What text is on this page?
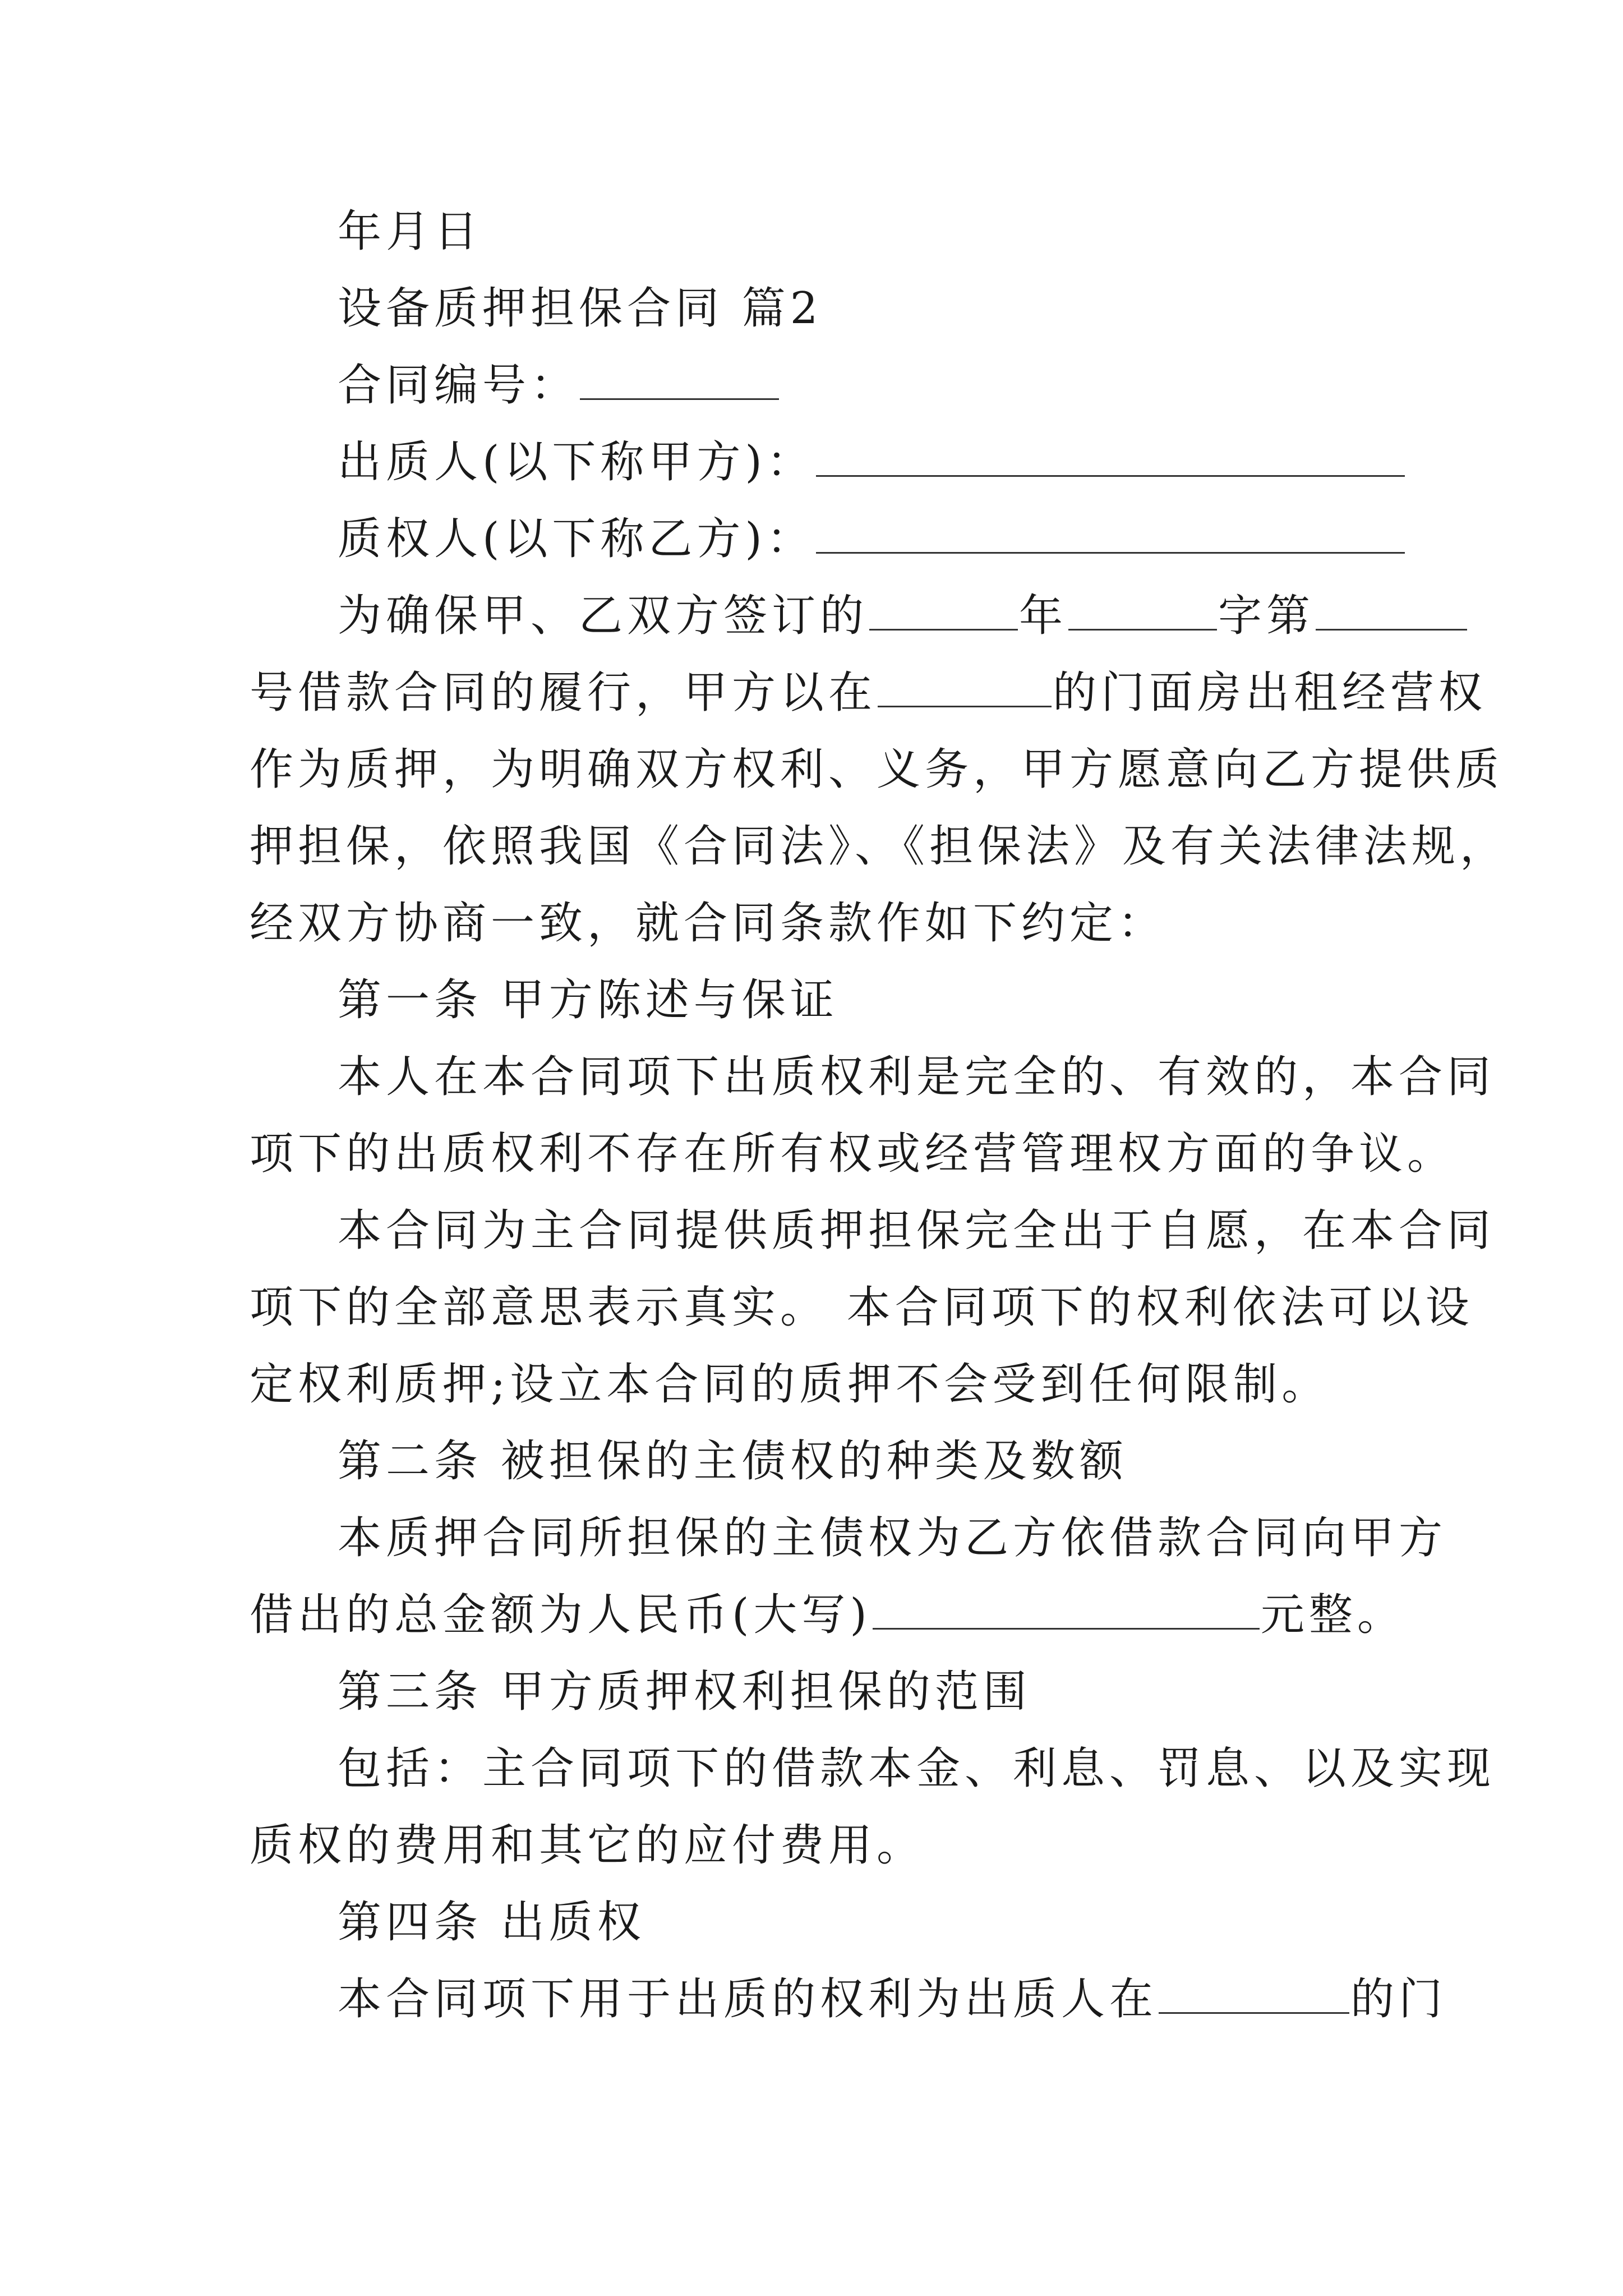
年月日
设备质押担保合同 篇2
合同编号：
出质人(以下称甲方)：
质权人(以下称乙方)：
为确保甲、乙双方签订的	年	字第
号借款合同的履行，甲方以在	的门面房出租经营权
作为质押，为明确双方权利、义务，甲方愿意向乙方提供质
押担保，依照我国《合同法》、《担保法》及有关法律法规，
经双方协商一致，就合同条款作如下约定：
第一条 甲方陈述与保证
本人在本合同项下出质权利是完全的、有效的，本合同
项下的出质权利不存在所有权或经营管理权方面的争议。
本合同为主合同提供质押担保完全出于自愿，在本合同
项下的全部意思表示真实。 本合同项下的权利依法可以设
定权利质押;设立本合同的质押不会受到任何限制。
第二条 被担保的主债权的种类及数额
本质押合同所担保的主债权为乙方依借款合同向甲方
借出的总金额为人民币(大写)	元整。
第三条 甲方质押权利担保的范围
包括：主合同项下的借款本金、利息、罚息、以及实现
质权的费用和其它的应付费用。
第四条 出质权
本合同项下用于出质的权利为出质人在	的门
